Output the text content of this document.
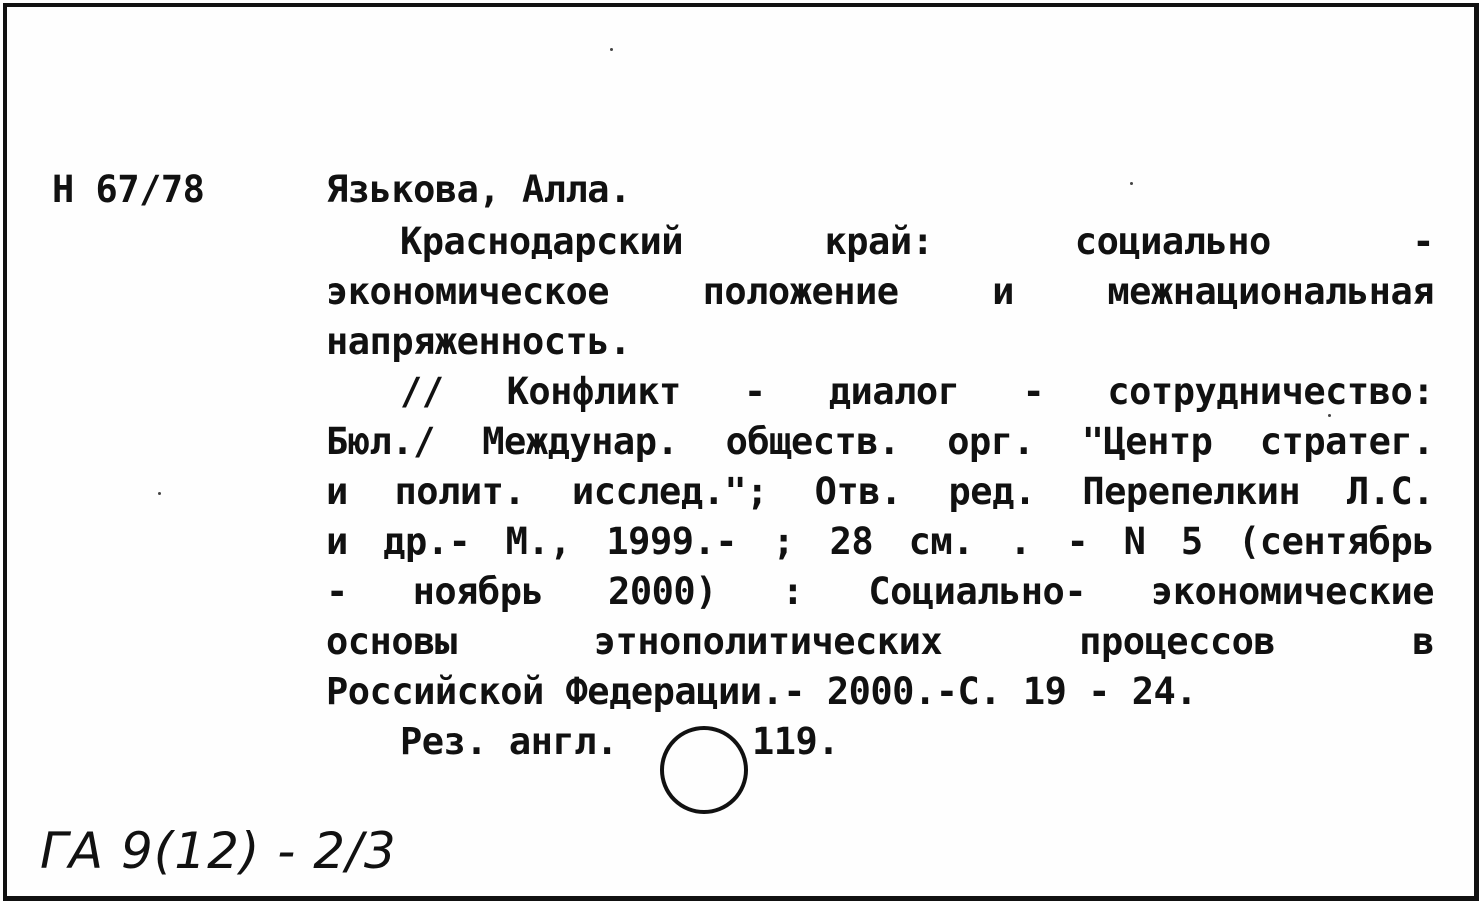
Н 67/78	Язькова, Алла.
Краснодарский край: социально -
экономическое положение и межнациональная
напряженность.
// Конфликт - диалог - сотрудничество:
Бюл./ Междунар. обществ. орг. "Центр стратег.
и полит. исслед."; Отв. ред. Перепелкин Л.С.
и др.- М., 1999.- ; 28 см. . - N 5 (сентябрь
- ноябрь 2000) : Социально- экономические
основы этнополитических процессов в
Российской Федерации.- 2000.-С. 19 - 24.
Рез. англ.	119.
ГА 9(12) - 2/3
